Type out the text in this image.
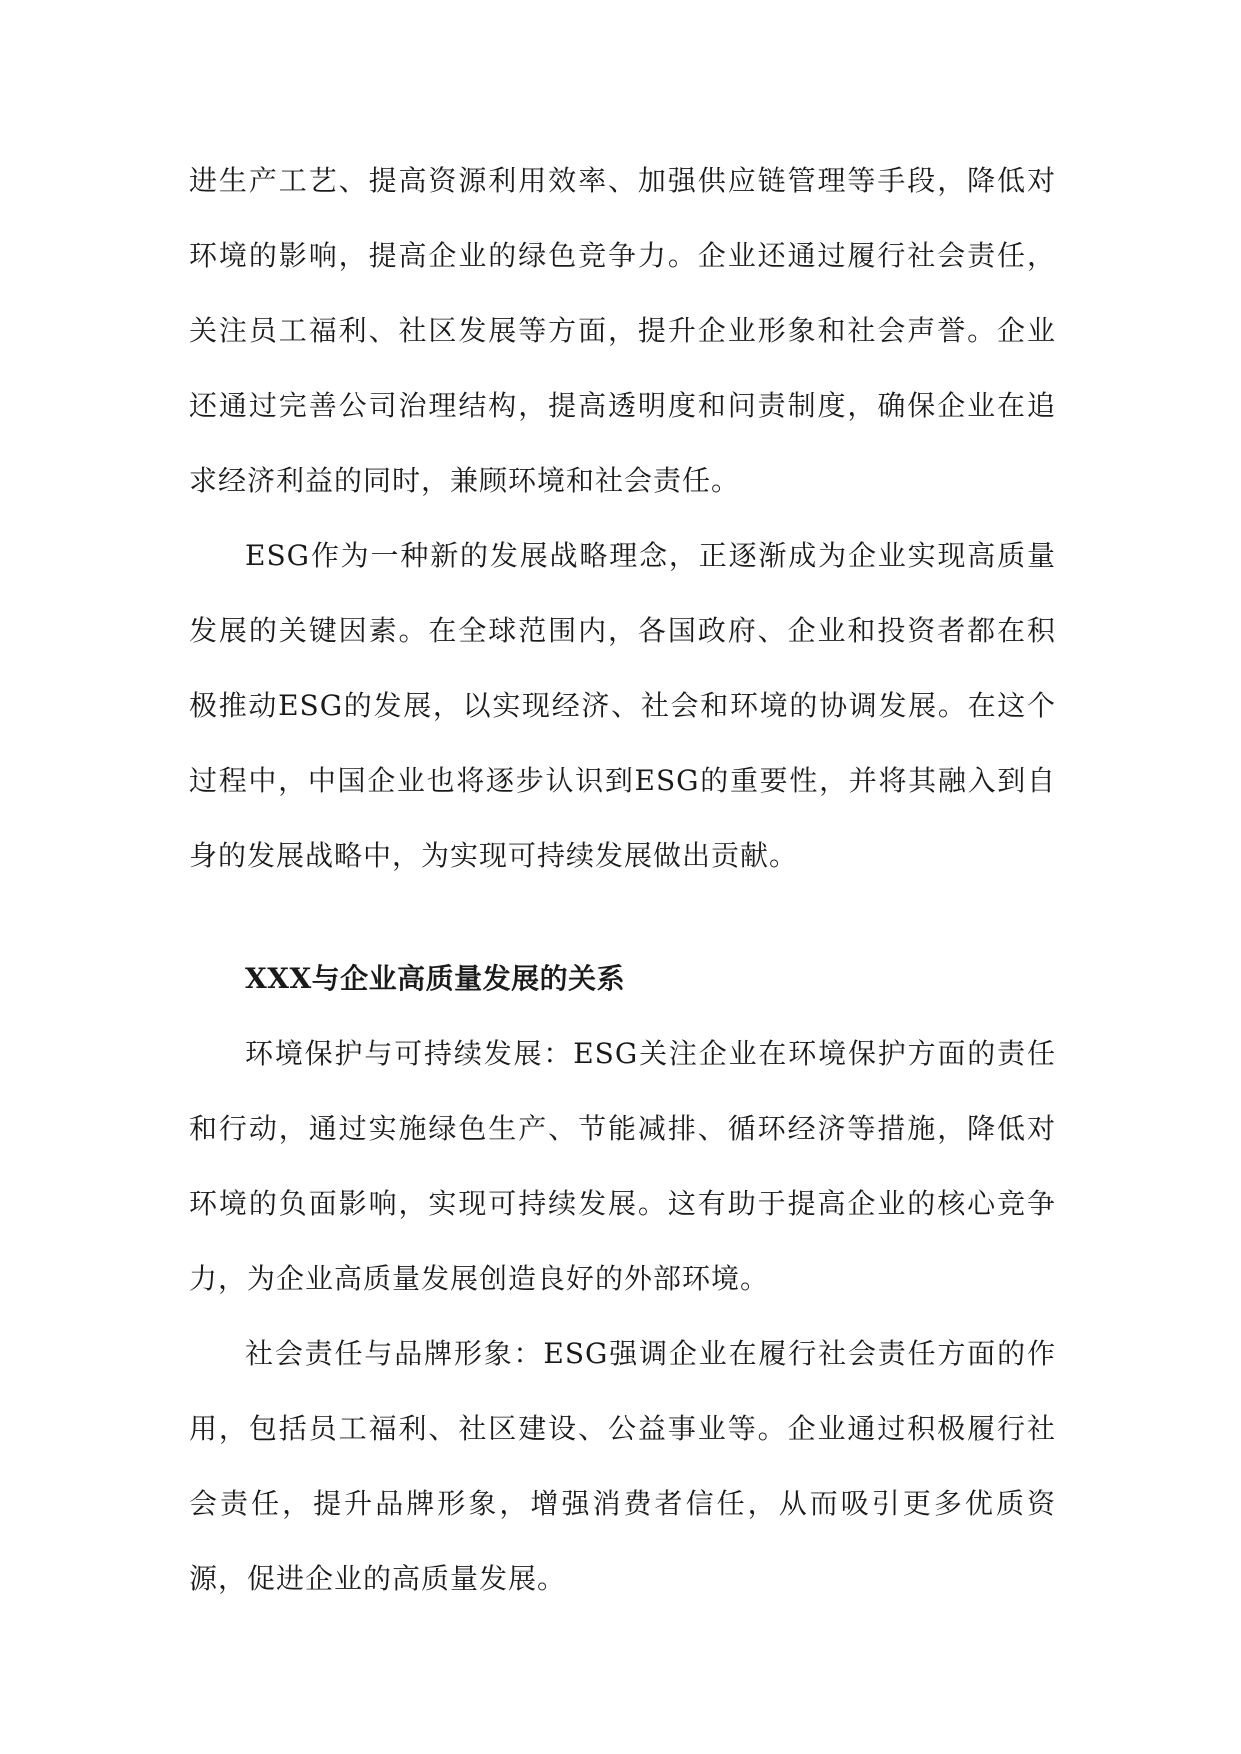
进生产工艺、提高资源利用效率、加强供应链管理等手段，降低对环境的影响，提高企业的绿色竞争力。企业还通过履行社会责任，关注员工福利、社区发展等方面，提升企业形象和社会声誉。企业还通过完善公司治理结构，提高透明度和问责制度，确保企业在追求经济利益的同时，兼顾环境和社会责任。

ESG作为一种新的发展战略理念，正逐渐成为企业实现高质量发展的关键因素。在全球范围内，各国政府、企业和投资者都在积极推动ESG的发展，以实现经济、社会和环境的协调发展。在这个过程中，中国企业也将逐步认识到ESG的重要性，并将其融入到自身的发展战略中，为实现可持续发展做出贡献。

XXX与企业高质量发展的关系

环境保护与可持续发展：ESG关注企业在环境保护方面的责任和行动，通过实施绿色生产、节能减排、循环经济等措施，降低对环境的负面影响，实现可持续发展。这有助于提高企业的核心竞争力，为企业高质量发展创造良好的外部环境。

社会责任与品牌形象：ESG强调企业在履行社会责任方面的作用，包括员工福利、社区建设、公益事业等。企业通过积极履行社会责任，提升品牌形象，增强消费者信任，从而吸引更多优质资源，促进企业的高质量发展。
